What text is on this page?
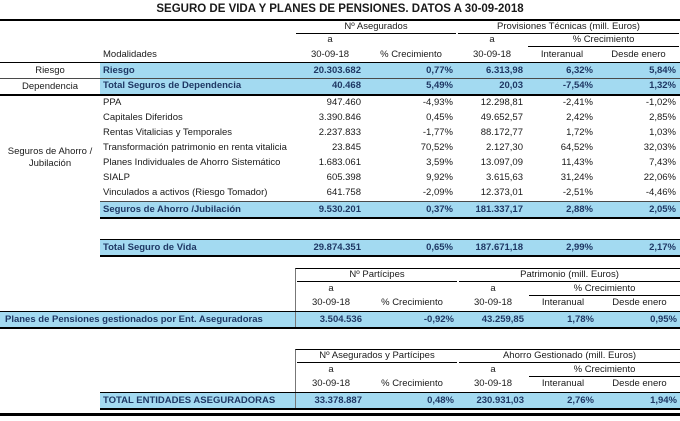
SEGURO DE VIDA Y PLANES DE PENSIONES. DATOS A 30-09-2018
Nº Asegurados	Provisiones Técnicas (mill. Euros)
a	a	% Crecimiento
Modalidades	30-09-18	% Crecimiento	30-09-18	Interanual	Desde enero
Riesgo	Riesgo	20.303.682	0,77%	6.313,98	6,32%	5,84%
Dependencia	Total Seguros de Dependencia	40.468	5,49%	20,03	-7,54%	1,32%
Seguros de Ahorro / Jubilación
PPA	947.460	-4,93%	12.298,81	-2,41%	-1,02%
Capitales Diferidos	3.390.846	0,45%	49.652,57	2,42%	2,85%
Rentas Vitalicias y Temporales	2.237.833	-1,77%	88.172,77	1,72%	1,03%
Transformación patrimonio en renta vitalicia	23.845	70,52%	2.127,30	64,52%	32,03%
Planes Individuales de Ahorro Sistemático	1.683.061	3,59%	13.097,09	11,43%	7,43%
SIALP	605.398	9,92%	3.615,63	31,24%	22,06%
Vinculados a activos (Riesgo Tomador)	641.758	-2,09%	12.373,01	-2,51%	-4,46%
Seguros de Ahorro /Jubilación	9.530.201	0,37%	181.337,17	2,88%	2,05%
Total Seguro de Vida	29.874.351	0,65%	187.671,18	2,99%	2,17%
Nº Partícipes	Patrimonio (mill. Euros)
a	a	% Crecimiento
30-09-18	% Crecimiento	30-09-18	Interanual	Desde enero
Planes de Pensiones gestionados por Ent. Aseguradoras	3.504.536	-0,92%	43.259,85	1,78%	0,95%
Nº Asegurados y Partícipes	Ahorro Gestionado (mill. Euros)
a	a	% Crecimiento
30-09-18	% Crecimiento	30-09-18	Interanual	Desde enero
TOTAL ENTIDADES ASEGURADORAS	33.378.887	0,48%	230.931,03	2,76%	1,94%
